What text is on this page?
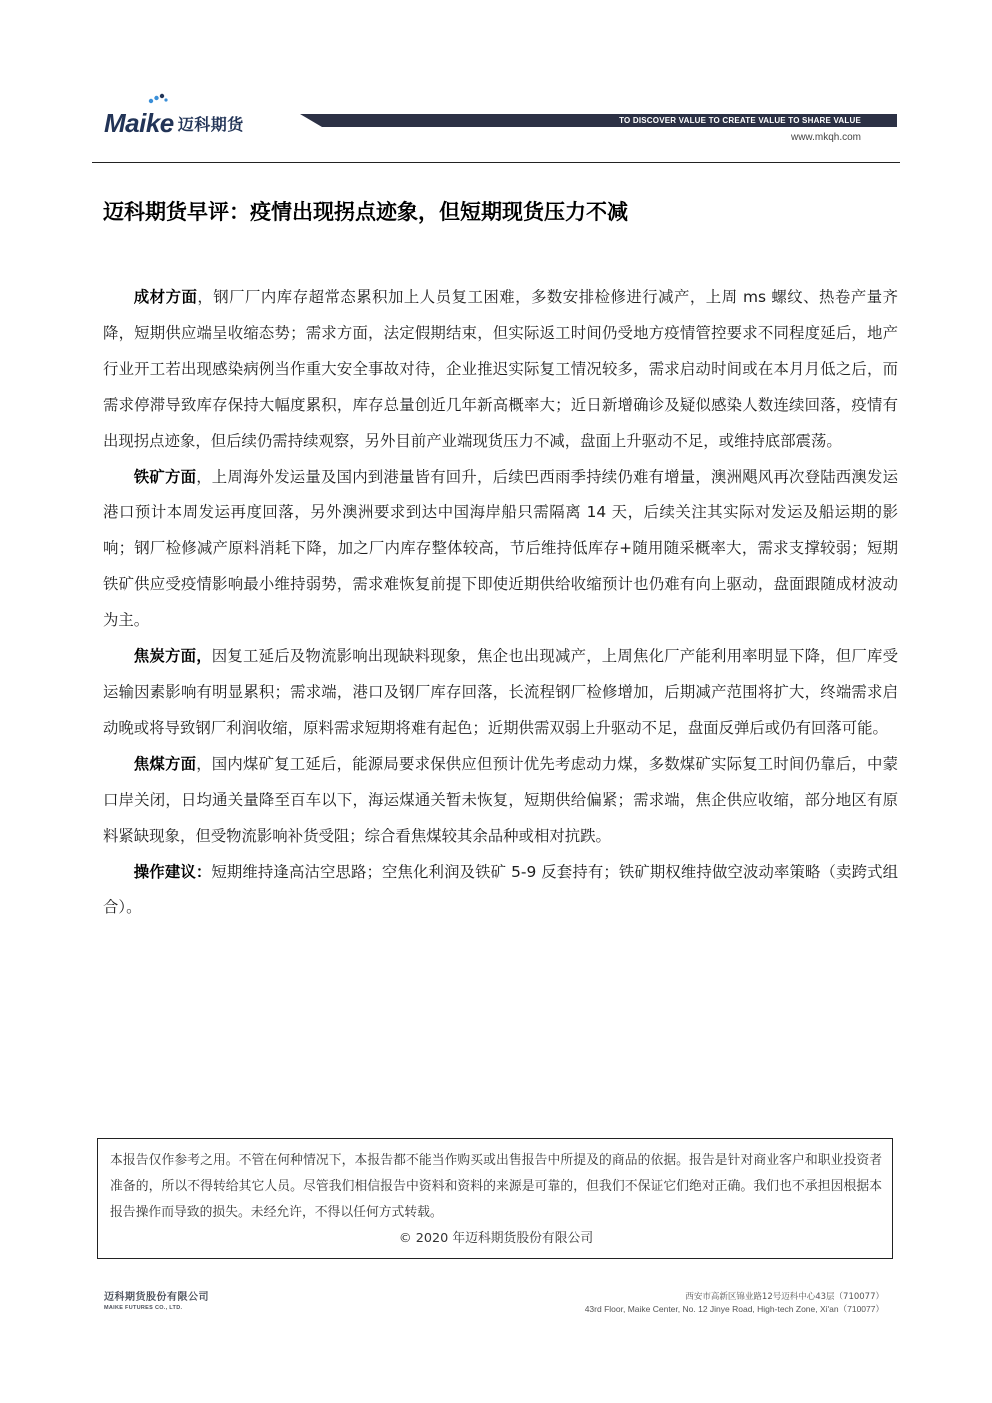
Maike 迈科期货	TO DISCOVER VALUE TO CREATE VALUE TO SHARE VALUE
www.mkqh.com
迈科期货早评：疫情出现拐点迹象，但短期现货压力不减

成材方面，钢厂厂内库存超常态累积加上人员复工困难，多数安排检修进行减产，上周 ms 螺纹、热卷产量齐降，短期供应端呈收缩态势；需求方面，法定假期结束，但实际返工时间仍受地方疫情管控要求不同程度延后，地产行业开工若出现感染病例当作重大安全事故对待，企业推迟实际复工情况较多，需求启动时间或在本月月低之后，而需求停滞导致库存保持大幅度累积，库存总量创近几年新高概率大；近日新增确诊及疑似感染人数连续回落，疫情有出现拐点迹象，但后续仍需持续观察，另外目前产业端现货压力不减，盘面上升驱动不足，或维持底部震荡。

铁矿方面，上周海外发运量及国内到港量皆有回升，后续巴西雨季持续仍难有增量，澳洲飓风再次登陆西澳发运港口预计本周发运再度回落，另外澳洲要求到达中国海岸船只需隔离 14 天，后续关注其实际对发运及船运期的影响；钢厂检修减产原料消耗下降，加之厂内库存整体较高，节后维持低库存+随用随采概率大，需求支撑较弱；短期铁矿供应受疫情影响最小维持弱势，需求难恢复前提下即使近期供给收缩预计也仍难有向上驱动，盘面跟随成材波动为主。

焦炭方面，因复工延后及物流影响出现缺料现象，焦企也出现减产，上周焦化厂产能利用率明显下降，但厂库受运输因素影响有明显累积；需求端，港口及钢厂库存回落，长流程钢厂检修增加，后期减产范围将扩大，终端需求启动晚或将导致钢厂利润收缩，原料需求短期将难有起色；近期供需双弱上升驱动不足，盘面反弹后或仍有回落可能。

焦煤方面，国内煤矿复工延后，能源局要求保供应但预计优先考虑动力煤，多数煤矿实际复工时间仍靠后，中蒙口岸关闭，日均通关量降至百车以下，海运煤通关暂未恢复，短期供给偏紧；需求端，焦企供应收缩，部分地区有原料紧缺现象，但受物流影响补货受阻；综合看焦煤较其余品种或相对抗跌。

操作建议：短期维持逢高沽空思路；空焦化利润及铁矿 5-9 反套持有；铁矿期权维持做空波动率策略（卖跨式组合）。

本报告仅作参考之用。不管在何种情况下，本报告都不能当作购买或出售报告中所提及的商品的依据。报告是针对商业客户和职业投资者准备的，所以不得转给其它人员。尽管我们相信报告中资料和资料的来源是可靠的，但我们不保证它们绝对正确。我们也不承担因根据本报告操作而导致的损失。未经允许，不得以任何方式转载。

© 2020 年迈科期货股份有限公司

迈科期货股份有限公司
MAIKE FUTURES CO., LTD.
西安市高新区锦业路12号迈科中心43层（710077）
43rd Floor, Maike Center, No. 12 Jinye Road, High-tech Zone, Xi'an（710077）
